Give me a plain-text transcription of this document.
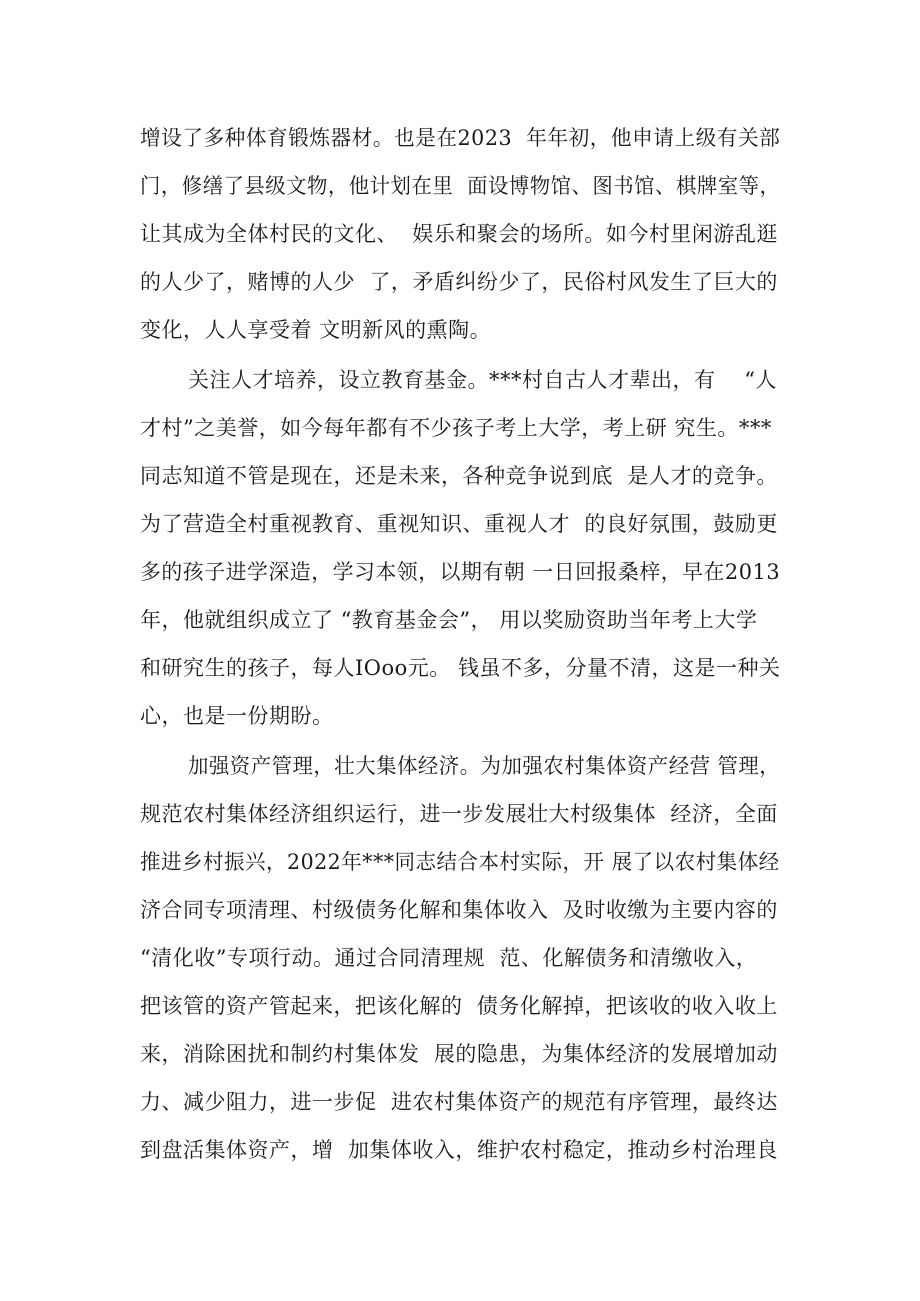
增设了多种体育锻炼器材。也是在2023  年年初，他申请上级有关部
门，修缮了县级文物，他计划在里  面设博物馆、图书馆、棋牌室等，
让其成为全体村民的文化、  娱乐和聚会的场所。如今村里闲游乱逛
的人少了，赌博的人少  了，矛盾纠纷少了，民俗村风发生了巨大的
变化，人人享受着 文明新风的熏陶。
关注人才培养，设立教育基金。***村自古人才辈出，有    “人
才村”之美誉，如今每年都有不少孩子考上大学，考上研 究生。***
同志知道不管是现在，还是未来，各种竞争说到底  是人才的竞争。
为了营造全村重视教育、重视知识、重视人才  的良好氛围，鼓励更
多的孩子进学深造，学习本领，以期有朝 一日回报桑梓，早在2013
年，他就组织成立了 “教育基金会”， 用以奖励资助当年考上大学
和研究生的孩子，每人IOoo元。 钱虽不多，分量不清，这是一种关
心，也是一份期盼。
加强资产管理，壮大集体经济。为加强农村集体资产经营 管理，
规范农村集体经济组织运行，进一步发展壮大村级集体  经济，全面
推进乡村振兴，2022年***同志结合本村实际，开 展了以农村集体经
济合同专项清理、村级债务化解和集体收入  及时收缴为主要内容的
“清化收”专项行动。通过合同清理规  范、化解债务和清缴收入，
把该管的资产管起来，把该化解的  债务化解掉，把该收的收入收上
来，消除困扰和制约村集体发  展的隐患，为集体经济的发展增加动
力、减少阻力，进一步促  进农村集体资产的规范有序管理，最终达
到盘活集体资产，增  加集体收入，维护农村稳定，推动乡村治理良
